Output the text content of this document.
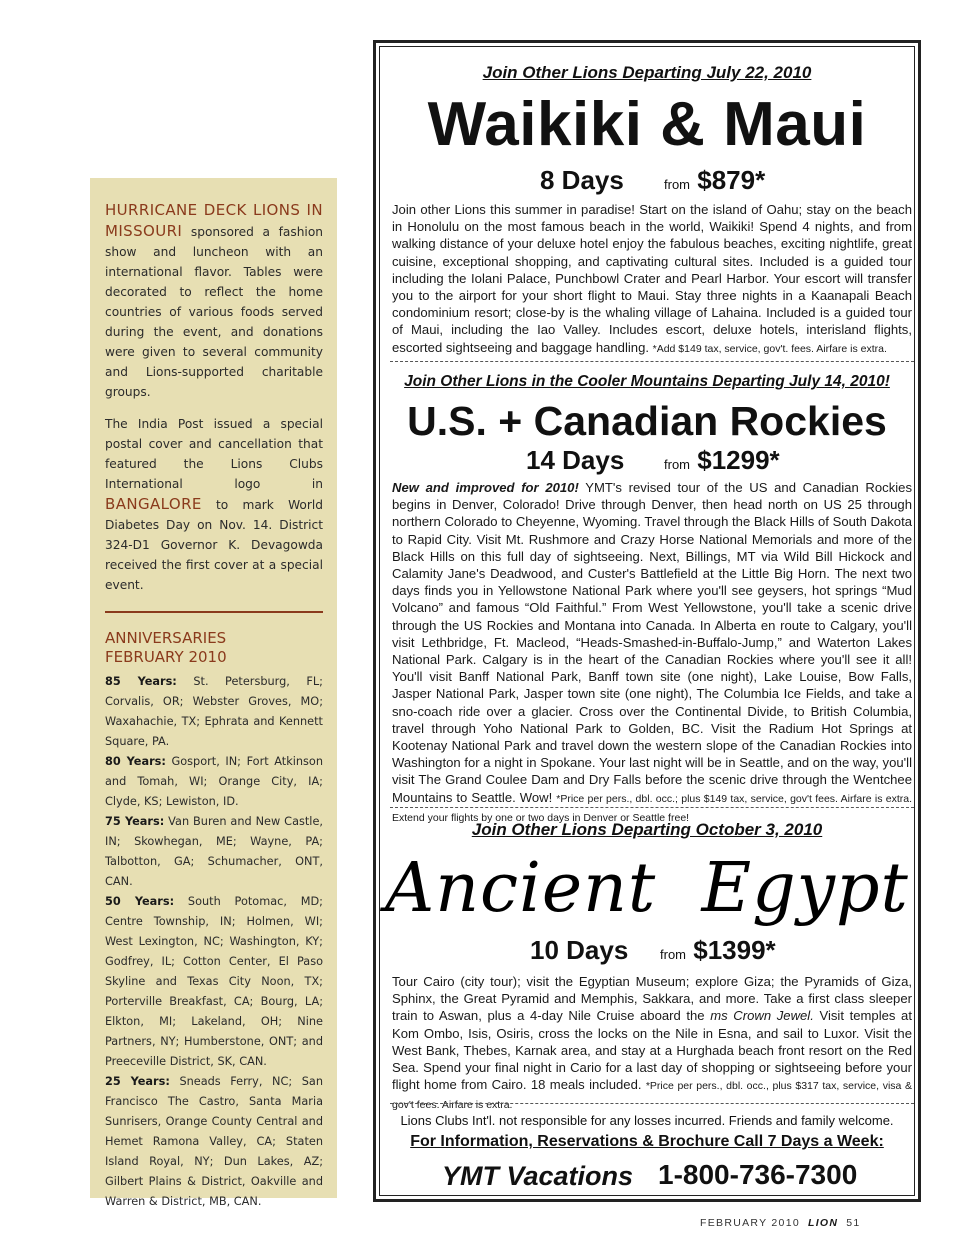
HURRICANE DECK LIONS IN MISSOURI sponsored a fashion show and luncheon with an international flavor. Tables were decorated to reflect the home countries of various foods served during the event, and donations were given to several community and Lions-supported charitable groups.

The India Post issued a special postal cover and cancellation that featured the Lions Clubs International logo in BANGALORE to mark World Diabetes Day on Nov. 14. District 324-D1 Governor K. Devagowda received the first cover at a special event.

ANNIVERSARIES
FEBRUARY 2010

85 Years: St. Petersburg, FL; Corvalis, OR; Webster Groves, MO; Waxahachie, TX; Ephrata and Kennett Square, PA.

80 Years: Gosport, IN; Fort Atkinson and Tomah, WI; Orange City, IA; Clyde, KS; Lewiston, ID.

75 Years: Van Buren and New Castle, IN; Skowhegan, ME; Wayne, PA; Talbotton, GA; Schumacher, ONT, CAN.

50 Years: South Potomac, MD; Centre Township, IN; Holmen, WI; West Lexington, NC; Washington, KY; Godfrey, IL; Cotton Center, El Paso Skyline and Texas City Noon, TX; Porterville Breakfast, CA; Bourg, LA; Elkton, MI; Lakeland, OH; Nine Partners, NY; Humberstone, ONT; and Preeceville District, SK, CAN.

25 Years: Sneads Ferry, NC; San Francisco The Castro, Santa Maria Sunrisers, Orange County Central and Hemet Ramona Valley, CA; Staten Island Royal, NY; Dun Lakes, AZ; Gilbert Plains & District, Oakville and Warren & District, MB, CAN.

Join Other Lions Departing July 22, 2010
Waikiki & Maui
8 Days	from $879*
Join other Lions this summer in paradise! Start on the island of Oahu; stay on the beach in Honolulu on the most famous beach in the world, Waikiki! Spend 4 nights, and from walking distance of your deluxe hotel enjoy the fabulous beaches, exciting nightlife, great cuisine, exceptional shopping, and captivating cultural sites. Included is a guided tour including the Iolani Palace, Punchbowl Crater and Pearl Harbor. Your escort will transfer you to the airport for your short flight to Maui. Stay three nights in a Kaanapali Beach condominium resort; close-by is the whaling village of Lahaina. Included is a guided tour of Maui, including the Iao Valley. Includes escort, deluxe hotels, interisland flights, escorted sightseeing and baggage handling. *Add $149 tax, service, gov't. fees. Airfare is extra.
Join Other Lions in the Cooler Mountains Departing July 14, 2010!
U.S. + Canadian Rockies
14 Days	from $1299*
New and improved for 2010! YMT's revised tour of the US and Canadian Rockies begins in Denver, Colorado! Drive through Denver, then head north on US 25 through northern Colorado to Cheyenne, Wyoming. Travel through the Black Hills of South Dakota to Rapid City. Visit Mt. Rushmore and Crazy Horse National Memorials and more of the Black Hills on this full day of sightseeing. Next, Billings, MT via Wild Bill Hickock and Calamity Jane's Deadwood, and Custer's Battlefield at the Little Big Horn. The next two days finds you in Yellowstone National Park where you'll see geysers, hot springs “Mud Volcano” and famous “Old Faithful.” From West Yellowstone, you'll take a scenic drive through the US Rockies and Montana into Canada. In Alberta en route to Calgary, you'll visit Lethbridge, Ft. Macleod, “Heads-Smashed-in-Buffalo-Jump,” and Waterton Lakes National Park. Calgary is in the heart of the Canadian Rockies where you'll see it all! You'll visit Banff National Park, Banff town site (one night), Lake Louise, Bow Falls, Jasper National Park, Jasper town site (one night), The Columbia Ice Fields, and take a sno-coach ride over a glacier. Cross over the Continental Divide, to British Columbia, travel through Yoho National Park to Golden, BC. Visit the Radium Hot Springs at Kootenay National Park and travel down the western slope of the Canadian Rockies into Washington for a night in Spokane. Your last night will be in Seattle, and on the way, you'll visit The Grand Coulee Dam and Dry Falls before the scenic drive through the Wentchee Mountains to Seattle. Wow! *Price per pers., dbl. occ.; plus $149 tax, service, gov't fees. Airfare is extra. Extend your flights by one or two days in Denver or Seattle free!
Join Other Lions Departing October 3, 2010
Ancient  Egypt
10 Days from $1399*
Tour Cairo (city tour); visit the Egyptian Museum; explore Giza; the Pyramids of Giza, Sphinx, the Great Pyramid and Memphis, Sakkara, and more. Take a first class sleeper train to Aswan, plus a 4-day Nile Cruise aboard the ms Crown Jewel. Visit temples at Kom Ombo, Isis, Osiris, cross the locks on the Nile in Esna, and sail to Luxor. Visit the West Bank, Thebes, Karnak area, and stay at a Hurghada beach front resort on the Red Sea. Spend your final night in Cario for a last day of shopping or sightseeing before your flight home from Cairo. 18 meals included. *Price per pers., dbl. occ., plus $317 tax, service, visa & gov't fees. Airfare is extra.
Lions Clubs Int'l. not responsible for any losses incurred. Friends and family welcome.
For Information, Reservations & Brochure Call 7 Days a Week:
YMT Vacations 1-800-736-7300
FEBRUARY 2010 LION 51
